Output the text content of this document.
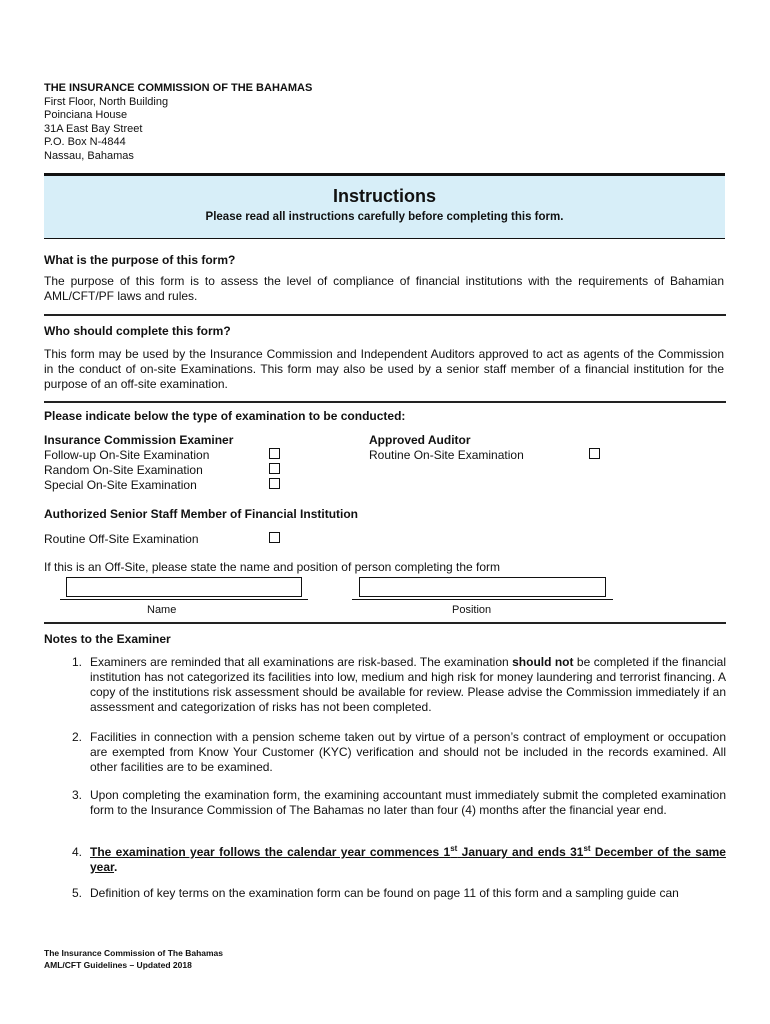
THE INSURANCE COMMISSION OF THE BAHAMAS
First Floor, North Building
Poinciana House
31A East Bay Street
P.O. Box N-4844
Nassau, Bahamas
Instructions
Please read all instructions carefully before completing this form.
What is the purpose of this form?
The purpose of this form is to assess the level of compliance of financial institutions with the requirements of Bahamian AML/CFT/PF laws and rules.
Who should complete this form?
This form may be used by the Insurance Commission and Independent Auditors approved to act as agents of the Commission in the conduct of on-site Examinations. This form may also be used by a senior staff member of a financial institution for the purpose of an off-site examination.
Please indicate below the type of examination to be conducted:
Insurance Commission Examiner
Follow-up On-Site Examination
Random On-Site Examination
Special On-Site Examination
Approved Auditor
Routine On-Site Examination
Authorized Senior Staff Member of Financial Institution
Routine Off-Site Examination
If this is an Off-Site, please state the name and position of person completing the form
Name	Position
Notes to the Examiner
1. Examiners are reminded that all examinations are risk-based. The examination should not be completed if the financial institution has not categorized its facilities into low, medium and high risk for money laundering and terrorist financing. A copy of the institutions risk assessment should be available for review. Please advise the Commission immediately if an assessment and categorization of risks has not been completed.
2. Facilities in connection with a pension scheme taken out by virtue of a person’s contract of employment or occupation are exempted from Know Your Customer (KYC) verification and should not be included in the records examined. All other facilities are to be examined.
3. Upon completing the examination form, the examining accountant must immediately submit the completed examination form to the Insurance Commission of The Bahamas no later than four (4) months after the financial year end.
4. The examination year follows the calendar year commences 1st January and ends 31st December of the same year.
5. Definition of key terms on the examination form can be found on page 11 of this form and a sampling guide can
The Insurance Commission of The Bahamas
AML/CFT Guidelines – Updated 2018
